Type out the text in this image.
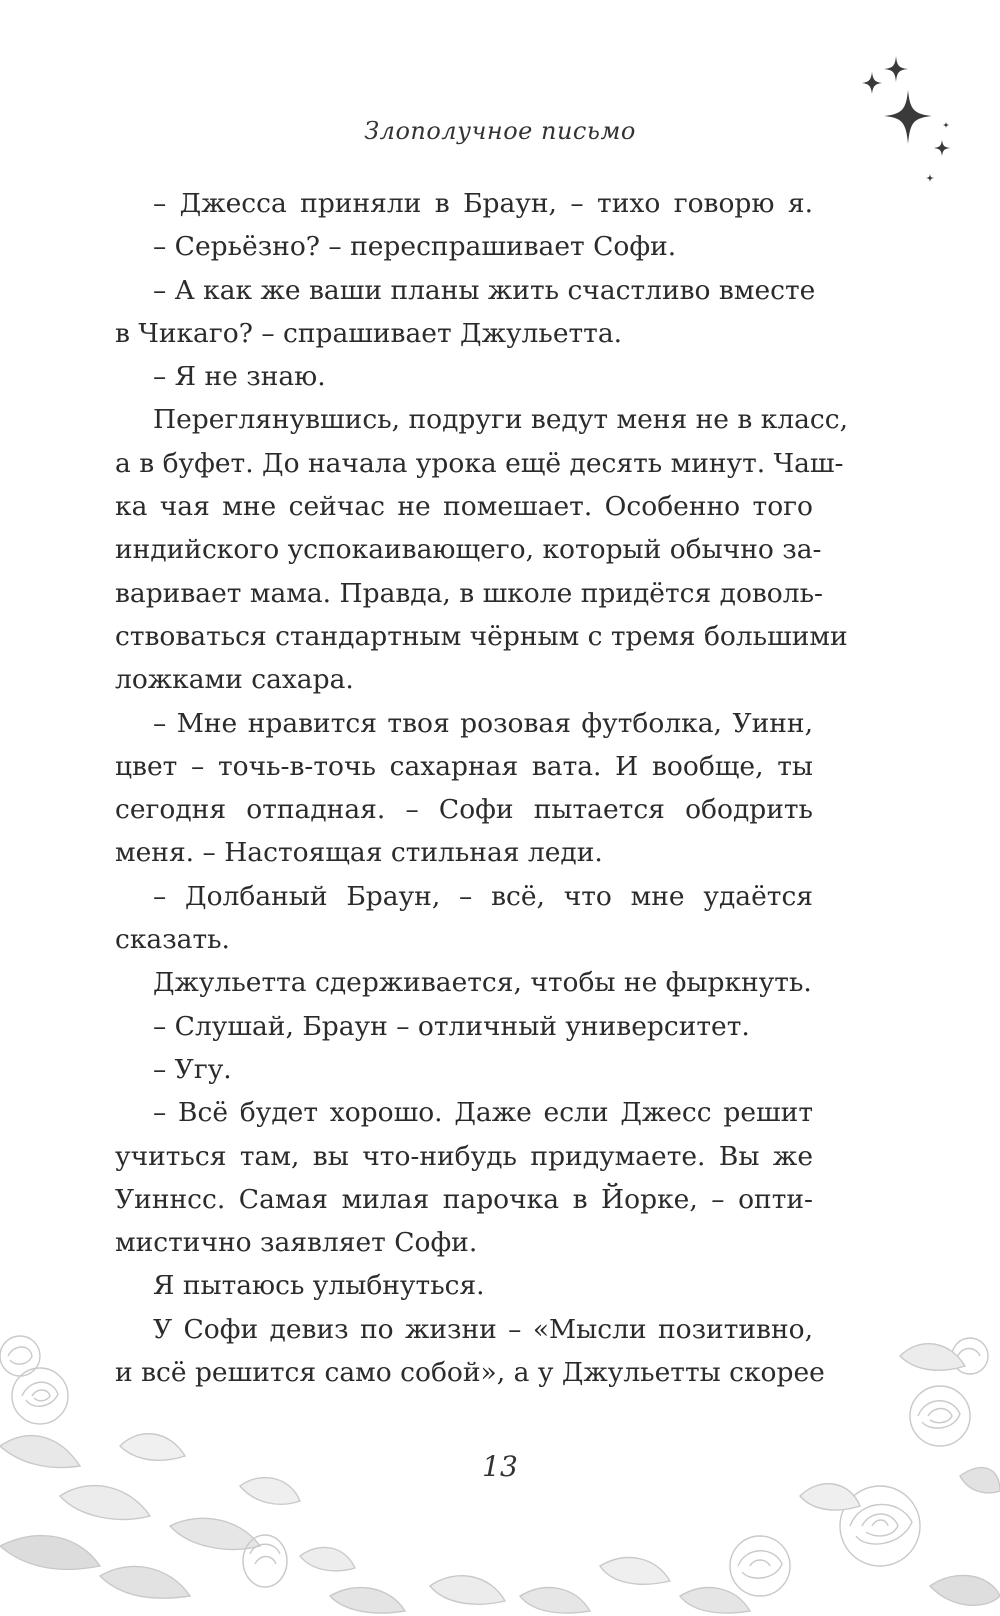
Злополучное письмо
– Джесса приняли в Браун, – тихо говорю я.
– Серьёзно? – переспрашивает Софи.
– А как же ваши планы жить счастливо вместе
в Чикаго? – спрашивает Джульетта.
– Я не знаю.
Переглянувшись, подруги ведут меня не в класс,
а в буфет. До начала урока ещё десять минут. Чаш-
ка чая мне сейчас не помешает. Особенно того
индийского успокаивающего, который обычно за-
варивает мама. Правда, в школе придётся доволь-
ствоваться стандартным чёрным с тремя большими
ложками сахара.
– Мне нравится твоя розовая футболка, Уинн,
цвет – точь-в-точь сахарная вата. И вообще, ты
сегодня отпадная. – Софи пытается ободрить
меня. – Настоящая стильная леди.
– Долбаный Браун, – всё, что мне удаётся
сказать.
Джульетта сдерживается, чтобы не фыркнуть.
– Слушай, Браун – отличный университет.
– Угу.
– Всё будет хорошо. Даже если Джесс решит
учиться там, вы что-нибудь придумаете. Вы же
Уиннсс. Самая милая парочка в Йорке, – опти-
мистично заявляет Софи.
Я пытаюсь улыбнуться.
У Софи девиз по жизни – «Мысли позитивно,
и всё решится само собой», а у Джульетты скорее
13
